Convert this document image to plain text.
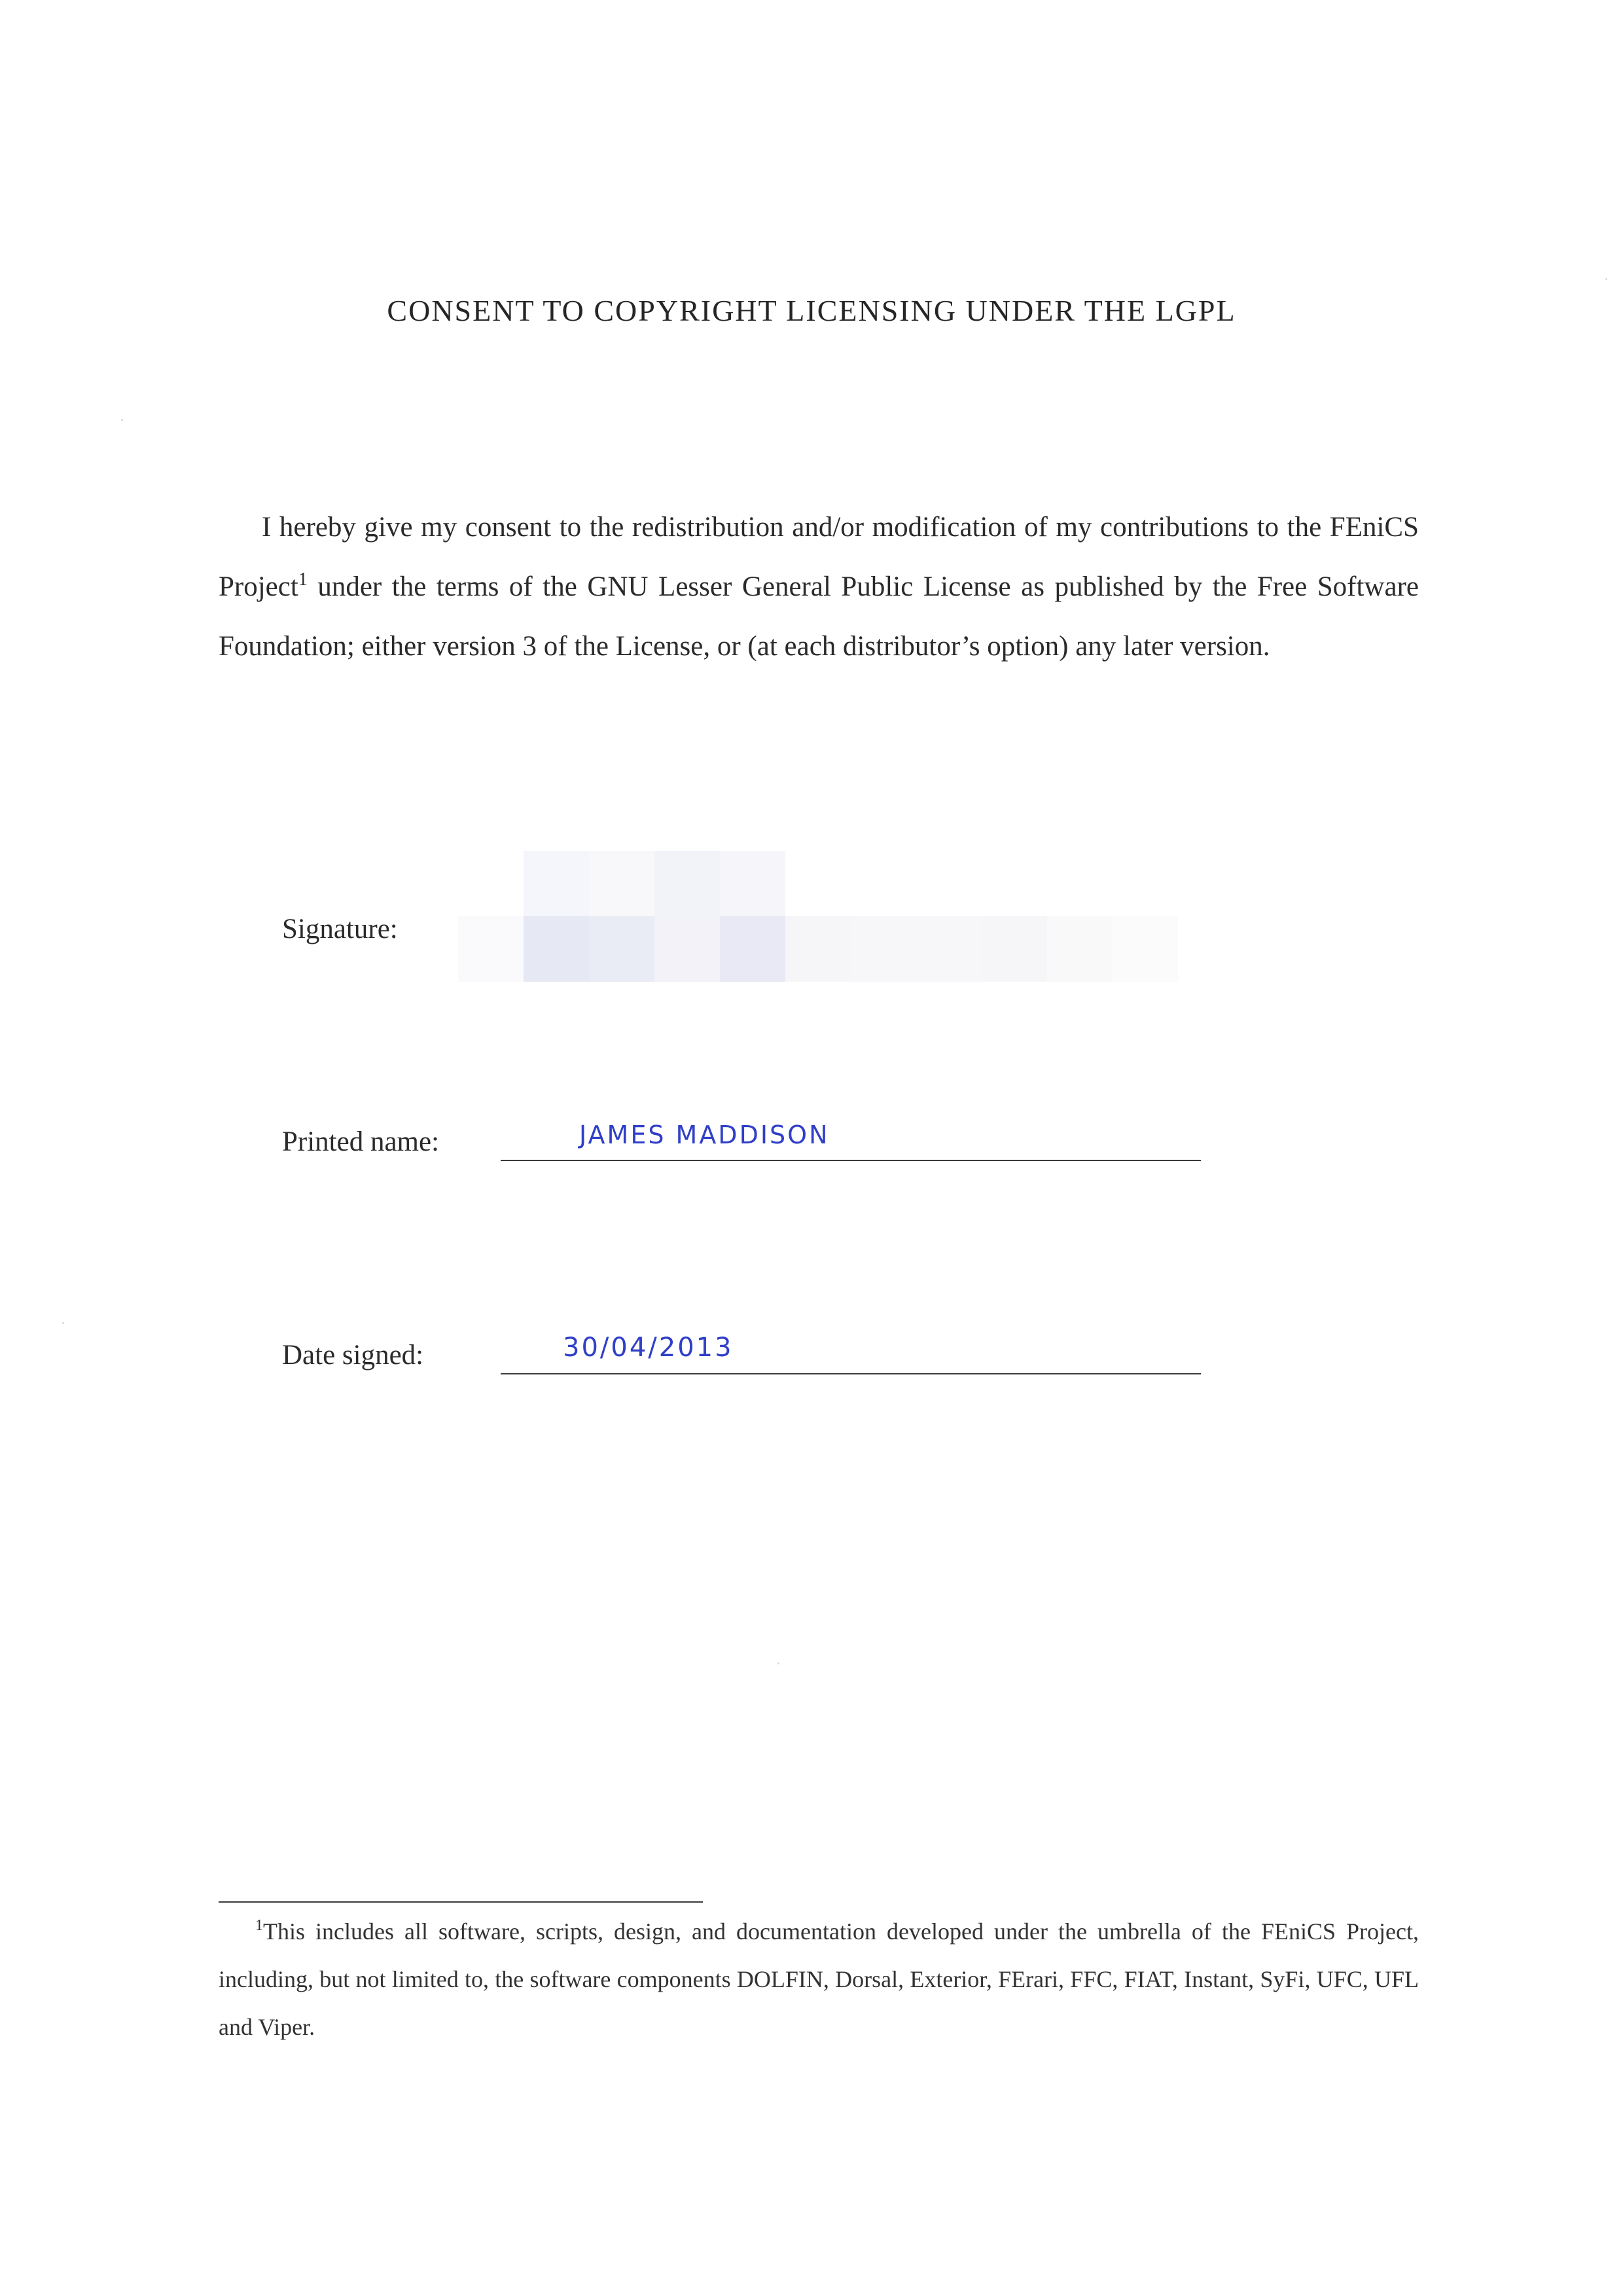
CONSENT TO COPYRIGHT LICENSING UNDER THE LGPL
I hereby give my consent to the redistribution and/or modification of my contributions to the FEniCS Project$^1$ under the terms of the GNU Lesser General Public License as published by the Free Software Foundation; either version 3 of the License, or (at each distributor’s option) any later version.
Signature:
Printed name:	JAMES MADDISON
Date signed:	30/04/2013
$^1$This includes all software, scripts, design, and documentation developed under the umbrella of the FEniCS Project, including, but not limited to, the software components DOLFIN, Dorsal, Exterior, FErari, FFC, FIAT, Instant, SyFi, UFC, UFL and Viper.
